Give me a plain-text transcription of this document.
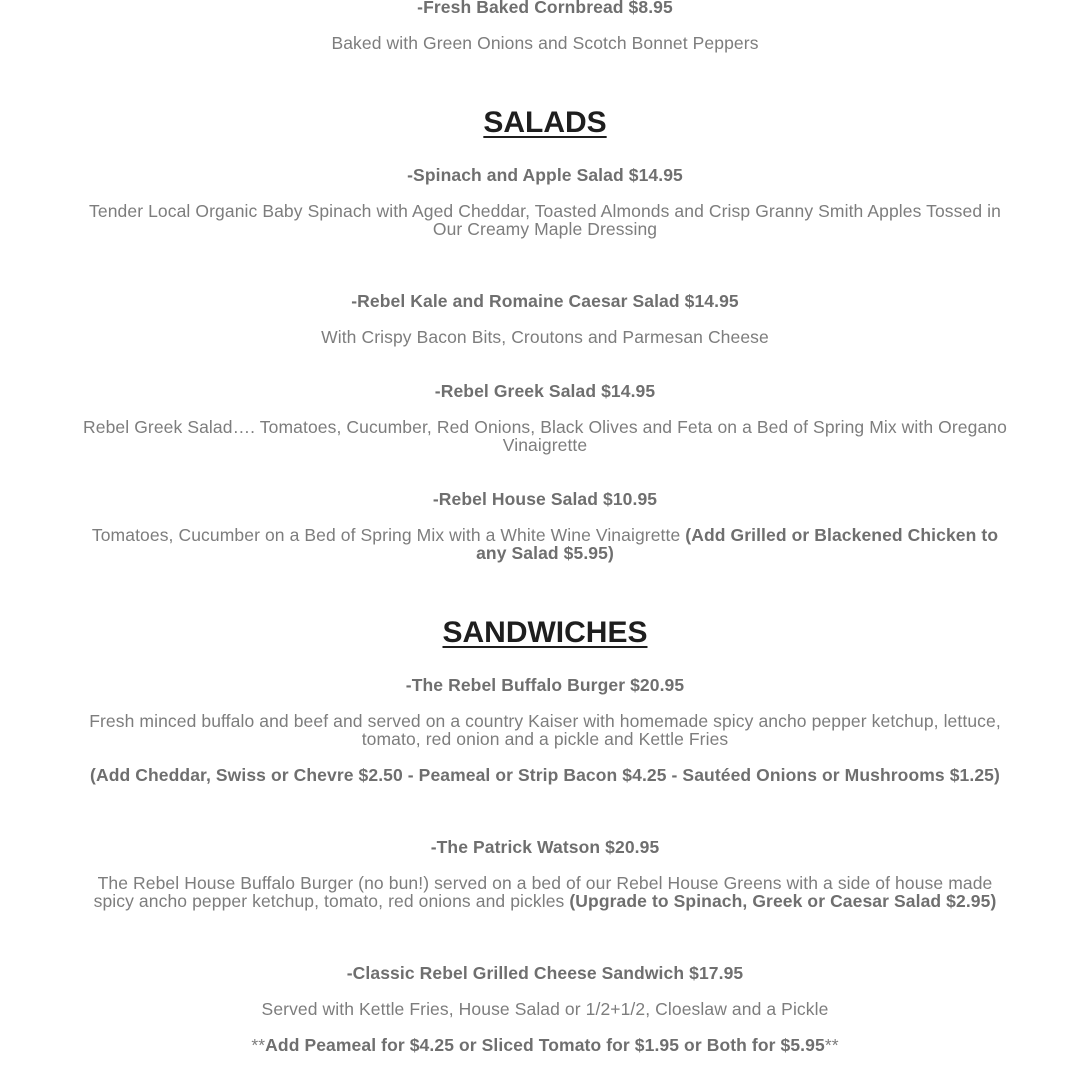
-Fresh Baked Cornbread $8.95
Baked with Green Onions and Scotch Bonnet Peppers
SALADS
-Spinach and Apple Salad $14.95
Tender Local Organic Baby Spinach with Aged Cheddar, Toasted Almonds and Crisp Granny Smith Apples Tossed in
Our Creamy Maple Dressing
-Rebel Kale and Romaine Caesar Salad $14.95
With Crispy Bacon Bits, Croutons and Parmesan Cheese
-Rebel Greek Salad $14.95
Rebel Greek Salad…. Tomatoes, Cucumber, Red Onions, Black Olives and Feta on a Bed of Spring Mix with Oregano
Vinaigrette
-Rebel House Salad $10.95
Tomatoes, Cucumber on a Bed of Spring Mix with a White Wine Vinaigrette (Add Grilled or Blackened Chicken to
any Salad $5.95)
SANDWICHES
-The Rebel Buffalo Burger $20.95
Fresh minced buffalo and beef and served on a country Kaiser with homemade spicy ancho pepper ketchup, lettuce,
tomato, red onion and a pickle and Kettle Fries
(Add Cheddar, Swiss or Chevre $2.50 - Peameal or Strip Bacon $4.25 - Sautéed Onions or Mushrooms $1.25)
-The Patrick Watson $20.95
The Rebel House Buffalo Burger (no bun!) served on a bed of our Rebel House Greens with a side of house made
spicy ancho pepper ketchup, tomato, red onions and pickles (Upgrade to Spinach, Greek or Caesar Salad $2.95)
-Classic Rebel Grilled Cheese Sandwich $17.95
Served with Kettle Fries, House Salad or 1/2+1/2, Cloeslaw and a Pickle
**Add Peameal for $4.25 or Sliced Tomato for $1.95 or Both for $5.95**
